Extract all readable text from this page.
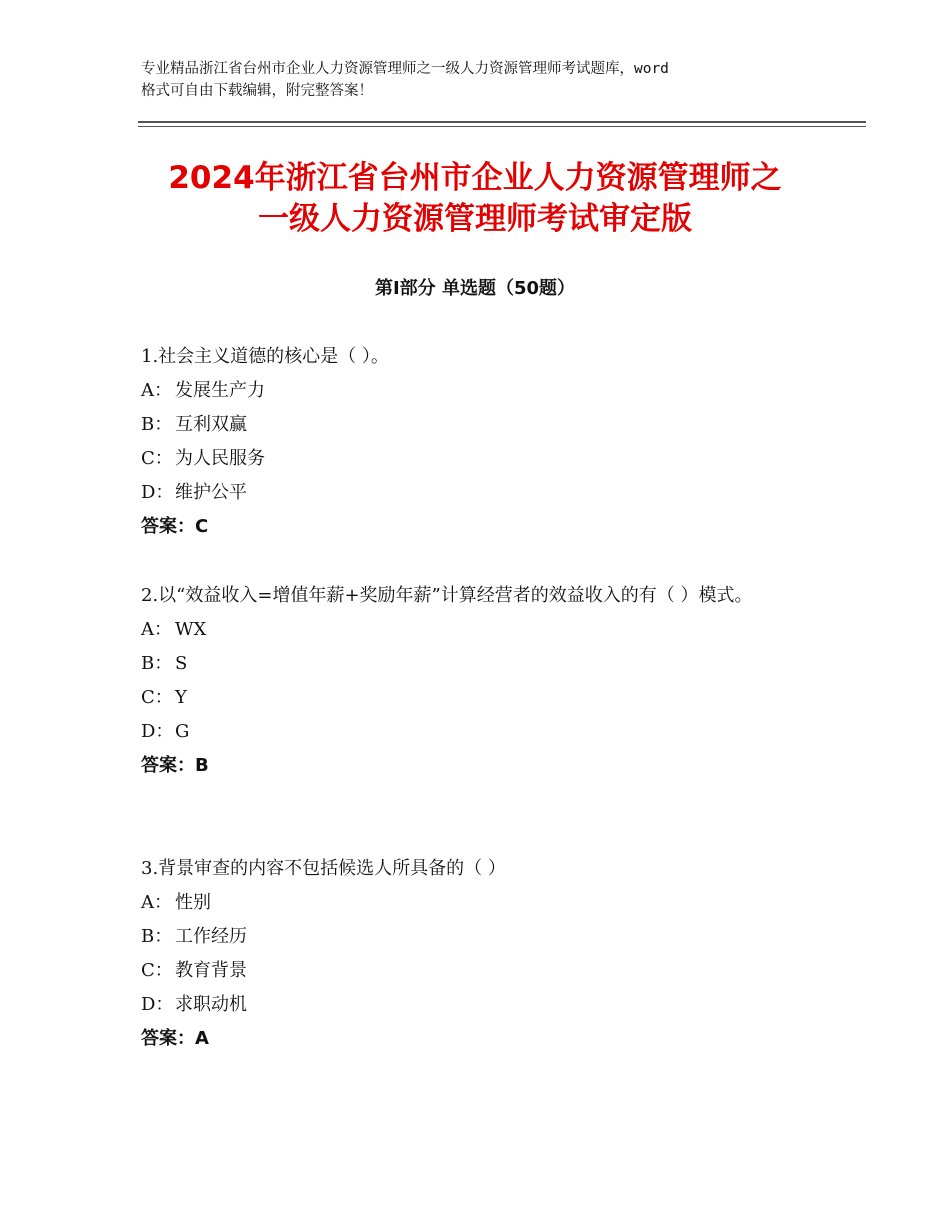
专业精品浙江省台州市企业人力资源管理师之一级人力资源管理师考试题库，word
格式可自由下载编辑，附完整答案！
2024年浙江省台州市企业人力资源管理师之
一级人力资源管理师考试审定版
第Ⅰ部分 单选题（50题）
1.社会主义道德的核心是（ ）。
A： 发展生产力
B： 互利双赢
C： 为人民服务
D： 维护公平
答案：C
2.以“效益收入=增值年薪+奖励年薪”计算经营者的效益收入的有（ ）模式。
A： WX
B： S
C： Y
D： G
答案：B
3.背景审查的内容不包括候选人所具备的（ ）
A： 性别
B： 工作经历
C： 教育背景
D： 求职动机
答案：A
